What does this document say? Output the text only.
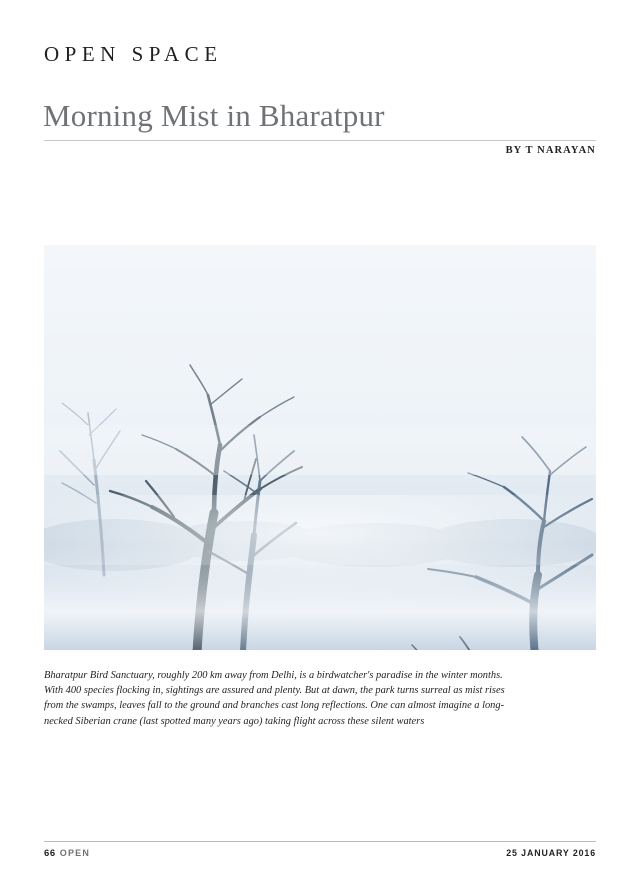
OPEN SPACE
Morning Mist in Bharatpur
BY T NARAYAN
Bharatpur Bird Sanctuary, roughly 200 km away from Delhi, is a birdwatcher's paradise in the winter months. With 400 species flocking in, sightings are assured and plenty. But at dawn, the park turns surreal as mist rises from the swamps, leaves fall to the ground and branches cast long reflections. One can almost imagine a long-necked Siberian crane (last spotted many years ago) taking flight across these silent waters
66 OPEN	25 JANUARY 2016
